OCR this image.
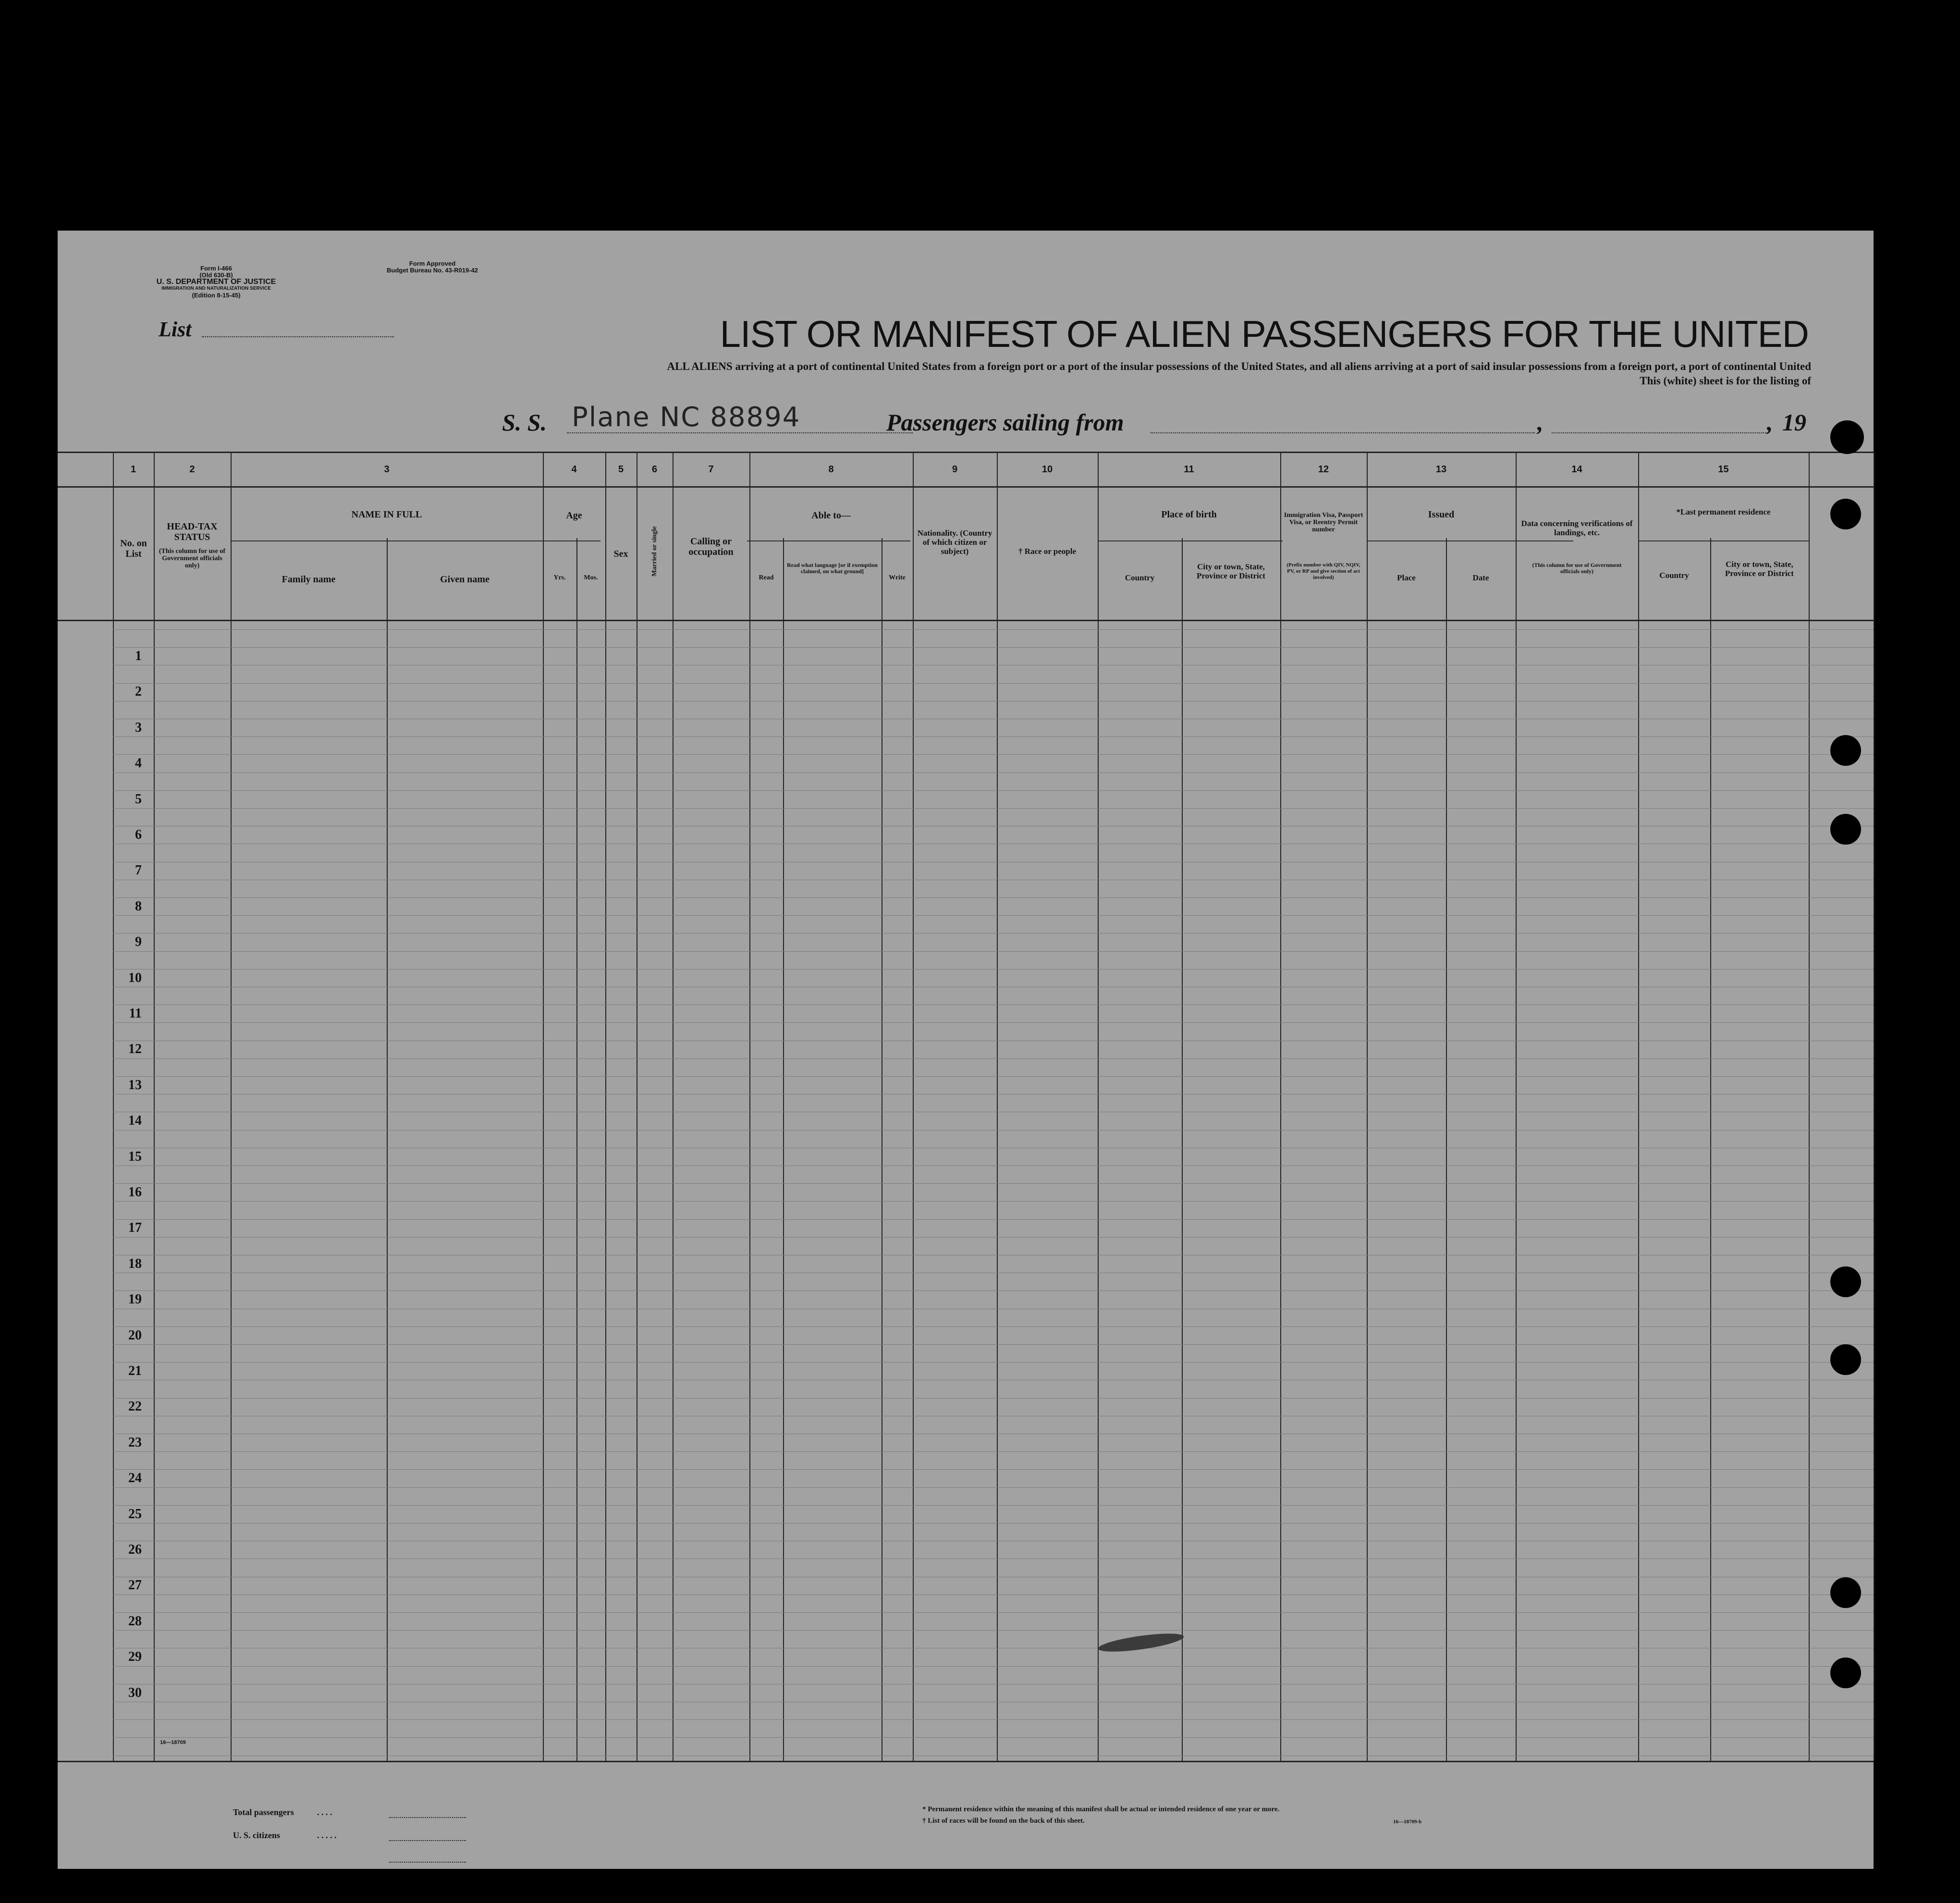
Form I-466
(Old 630-B)
U. S. DEPARTMENT OF JUSTICE
IMMIGRATION AND NATURALIZATION SERVICE
(Edition 8-15-45)
Form Approved
Budget Bureau No. 43-R019-42
List	LIST OR MANIFEST OF ALIEN PASSENGERS FOR THE UNITED
ALL ALIENS arriving at a port of continental United States from a foreign port or a port of the insular possessions of the United States, and all aliens arriving at a port of said insular possessions from a foreign port, a port of continental United
This (white) sheet is for the listing of
S. S. Plane NC 88894	Passengers sailing from	,	, 19
1	2	3	4	5	6	7	8	9	10	11	12	13	14	15
No. on List
HEAD-TAX STATUS
(This column for use of Government officials only)
NAME IN FULL
Family name	Given name
Age
Yrs.	Mos.
Sex	Married or single	Calling or occupation
Able to—
Read
Read what language [or if exemption claimed, on what ground]
Write
Nationality. (Country of which citizen or subject)	† Race or people
Place of birth
Country
City or town, State, Province or District
Immigration Visa, Passport Visa, or Reentry Permit number
(Prefix number with QIV, NQIV, PV, or RP and give section of act involved)
Issued
Place	Date
Data concerning verifications of landings, etc.
(This column for use of Government officials only)
*Last permanent residence
Country
City or town, State, Province or District
1
2
3
4
5
6
7
8
9
10
11
12
13
14
15
16
17
18
19
20
21
22
23
24
25
26
27
28
29
30
16—18709
Total passengers	. . . .
U. S. citizens	. . . . .
* Permanent residence within the meaning of this manifest shall be actual or intended residence of one year or more.
† List of races will be found on the back of this sheet.	16—18709-b
